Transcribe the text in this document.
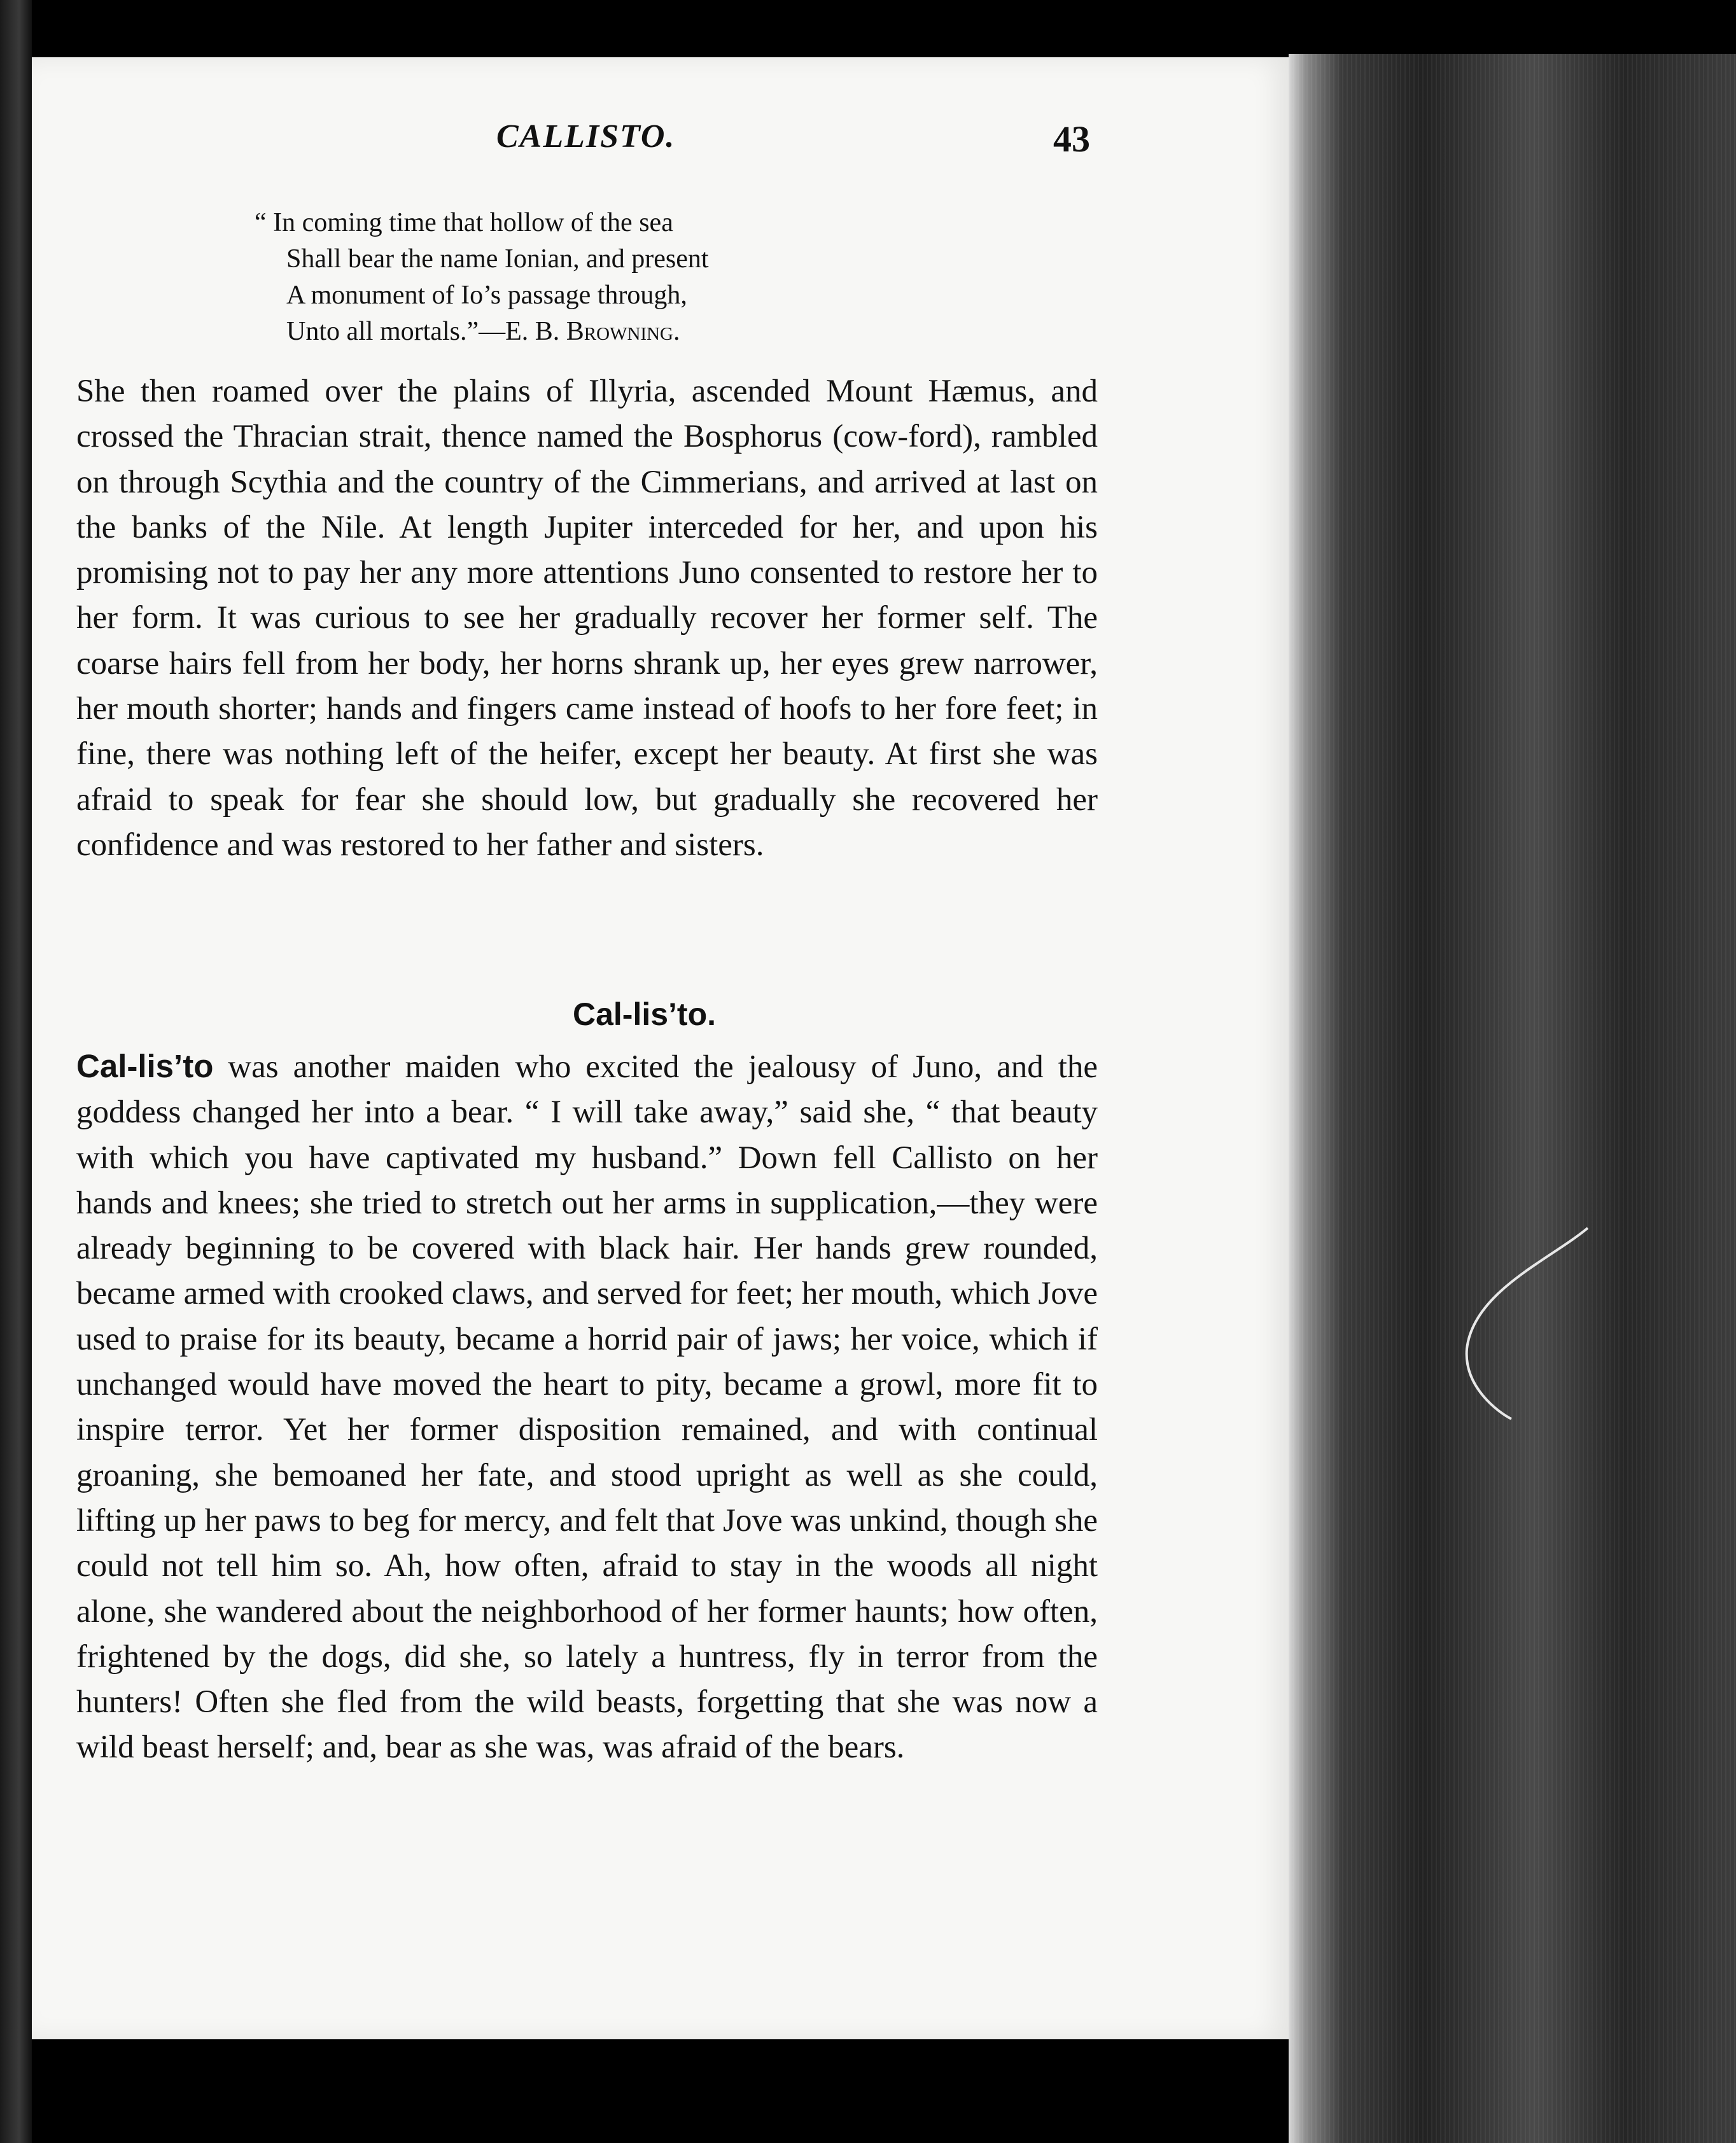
CALLISTO.	43
“ In coming time that hollow of the sea
Shall bear the name Ionian, and present
A monument of Io’s passage through,
Unto all mortals.”—E. B. Browning.
She then roamed over the plains of Illyria, ascended Mount Hæmus, and crossed the Thracian strait, thence named the Bosphorus (cow-ford), rambled on through Scythia and the country of the Cimmerians, and arrived at last on the banks of the Nile. At length Jupiter interceded for her, and upon his promising not to pay her any more attentions Juno consented to restore her to her form. It was curious to see her gradually recover her former self. The coarse hairs fell from her body, her horns shrank up, her eyes grew narrower, her mouth shorter; hands and fingers came instead of hoofs to her fore feet; in fine, there was nothing left of the heifer, except her beauty. At first she was afraid to speak for fear she should low, but gradually she recovered her confidence and was restored to her father and sisters.
Cal-lis’to.
Cal-lis’to was another maiden who excited the jealousy of Juno, and the goddess changed her into a bear. “ I will take away,” said she, “ that beauty with which you have captivated my husband.” Down fell Callisto on her hands and knees; she tried to stretch out her arms in supplication,—they were already beginning to be covered with black hair. Her hands grew rounded, became armed with crooked claws, and served for feet; her mouth, which Jove used to praise for its beauty, became a horrid pair of jaws; her voice, which if unchanged would have moved the heart to pity, became a growl, more fit to inspire terror. Yet her former disposition remained, and with continual groaning, she bemoaned her fate, and stood upright as well as she could, lifting up her paws to beg for mercy, and felt that Jove was unkind, though she could not tell him so. Ah, how often, afraid to stay in the woods all night alone, she wandered about the neighborhood of her former haunts; how often, frightened by the dogs, did she, so lately a huntress, fly in terror from the hunters! Often she fled from the wild beasts, forgetting that she was now a wild beast herself; and, bear as she was, was afraid of the bears.
